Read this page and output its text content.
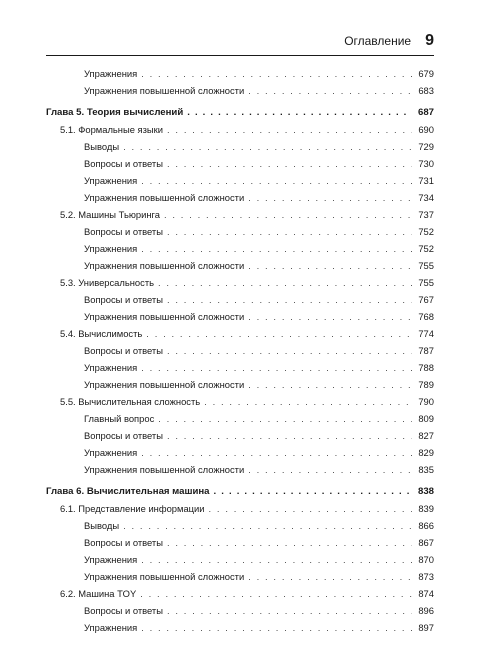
Оглавление 9
Упражнения . . .	679
Упражнения повышенной сложности . . .	683
Глава 5. Теория вычислений . . .	687
5.1. Формальные языки . . .	690
Выводы . . .	729
Вопросы и ответы . . .	730
Упражнения . . .	731
Упражнения повышенной сложности . . .	734
5.2. Машины Тьюринга . . .	737
Вопросы и ответы . . .	752
Упражнения . . .	752
Упражнения повышенной сложности . . .	755
5.3. Универсальность . . .	755
Вопросы и ответы . . .	767
Упражнения повышенной сложности . . .	768
5.4. Вычислимость . . .	774
Вопросы и ответы . . .	787
Упражнения . . .	788
Упражнения повышенной сложности . . .	789
5.5. Вычислительная сложность . . .	790
Главный вопрос . . .	809
Вопросы и ответы . . .	827
Упражнения . . .	829
Упражнения повышенной сложности . . .	835
Глава 6. Вычислительная машина . . .	838
6.1. Представление информации . . .	839
Выводы . . .	866
Вопросы и ответы . . .	867
Упражнения . . .	870
Упражнения повышенной сложности . . .	873
6.2. Машина TOY . . .	874
Вопросы и ответы . . .	896
Упражнения . . .	897
